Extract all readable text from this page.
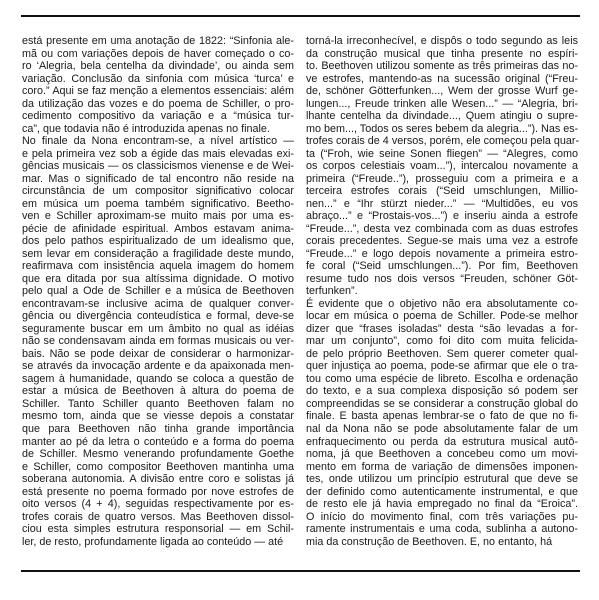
está presente em uma anotação de 1822: “Sinfonia ale-
mã ou com variações depois de haver começado o co-
ro ‘Alegria, bela centelha da divindade’, ou ainda sem
variação. Conclusão da sinfonia com música ‘turca’ e
coro.” Aqui se faz menção a elementos essenciais: além
da utilização das vozes e do poema de Schiller, o pro-
cedimento compositivo da variação e a “música tur-
ca”, que todavia não é introduzida apenas no finale.
No finale da Nona encontram-se, a nível artístico —
e pela primeira vez sob a égide das mais elevadas exi-
gências musicais — os classicismos vienense e de Wei-
mar. Mas o significado de tal encontro não reside na
circunstância de um compositor significativo colocar
em música um poema também significativo. Beetho-
ven e Schiller aproximam-se muito mais por uma es-
pécie de afinidade espiritual. Ambos estavam anima-
dos pelo pathos espiritualizado de um idealismo que,
sem levar em consideração a fragilidade deste mundo,
reafirmava com insistência aquela imagem do homem
que era ditada por sua altíssima dignidade. O motivo
pelo qual a Ode de Schiller e a música de Beethoven
encontravam-se inclusive acima de qualquer conver-
gência ou divergência conteudística e formal, deve-se
seguramente buscar em um âmbito no qual as idéias
não se condensavam ainda em formas musicais ou ver-
bais. Não se pode deixar de considerar o harmonizar-
se através da invocação ardente e da apaixonada men-
sagem à humanidade, quando se coloca a questão de
estar a música de Beethoven à altura do poema de
Schiller. Tanto Schiller quanto Beethoven falam no
mesmo tom, ainda que se viesse depois a constatar
que para Beethoven não tinha grande importância
manter ao pé da letra o conteúdo e a forma do poema
de Schiller. Mesmo venerando profundamente Goethe
e Schiller, como compositor Beethoven mantinha uma
soberana autonomia. A divisão entre coro e solistas já
está presente no poema formado por nove estrofes de
oito versos (4 + 4), seguidas respectivamente por es-
trofes corais de quatro versos. Mas Beethoven dissol-
ciou esta simples estrutura responsorial — em Schil-
ler, de resto, profundamente ligada ao conteúdo — até
torná-la irreconhecível, e dispôs o todo segundo as leis
da construção musical que tinha presente no espíri-
to. Beethoven utilizou somente as três primeiras das no-
ve estrofes, mantendo-as na sucessão original (“Freu-
de, schöner Götterfunken..., Wem der grosse Wurf ge-
lungen..., Freude trinken alle Wesen...” — “Alegria, bri-
lhante centelha da divindade..., Quem atingiu o supre-
mo bem..., Todos os seres bebem da alegria...”). Nas es-
trofes corais de 4 versos, porém, ele começou pela quar-
ta (“Froh, wie seine Sonen fliegen” — “Alegres, como
os corpos celestiais voam...”), intercalou novamente a
primeira (“Freude..”), prosseguiu com a primeira e a
terceira estrofes corais (“Seid umschlungen, Millio-
nen...” e “Ihr stürzt nieder...” — “Multidões, eu vos
abraço...” e “Prostais-vos...”) e inseriu ainda a estrofe
“Freude...”, desta vez combinada com as duas estrofes
corais precedentes. Segue-se mais uma vez a estrofe
“Freude...” e logo depois novamente a primeira estro-
fe coral (“Seid umschlungen...”). Por fim, Beethoven
resume tudo nos dois versos “Freuden, schöner Göt-
terfunken”.
É evidente que o objetivo não era absolutamente co-
locar em música o poema de Schiller. Pode-se melhor
dizer que “frases isoladas” desta “são levadas a for-
mar um conjunto”, como foi dito com muita felicida-
de pelo próprio Beethoven. Sem querer cometer qual-
quer injustiça ao poema, pode-se afirmar que ele o tra-
tou como uma espécie de libreto. Escolha e ordenação
do texto, e a sua complexa disposição só podem ser
compreendidas se se considerar a construção global do
finale. E basta apenas lembrar-se o fato de que no fi-
nal da Nona não se pode absolutamente falar de um
enfraquecimento ou perda da estrutura musical autô-
noma, já que Beethoven a concebeu como um movi-
mento em forma de variação de dimensões imponen-
tes, onde utilizou um princípio estrutural que deve se
der definido como autenticamente instrumental, e que
de resto ele já havia empregado no final da “Eroica”.
O início do movimento final, com três variações pu-
ramente instrumentais e uma coda, sublinha a autono-
mia da construção de Beethoven. E, no entanto, há
